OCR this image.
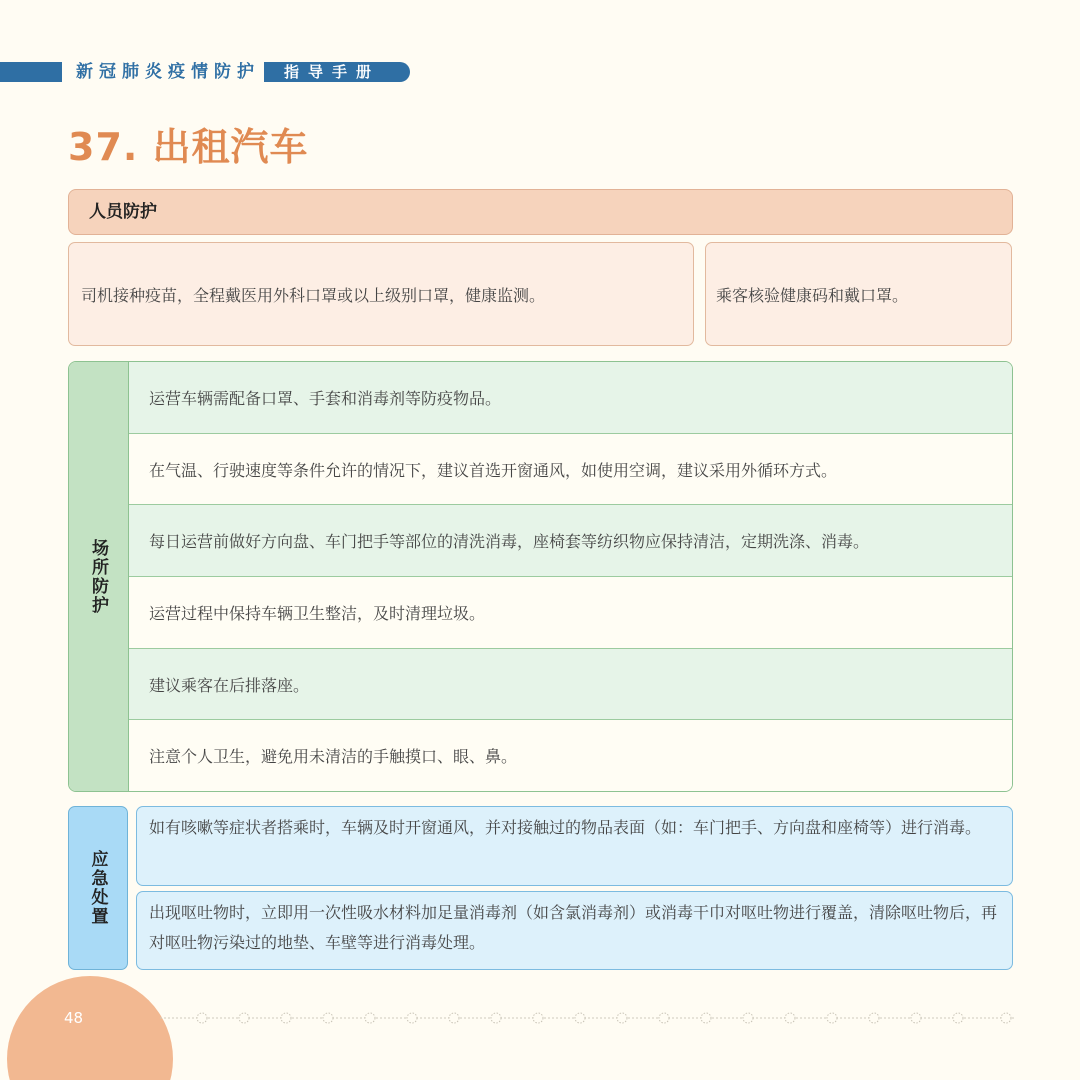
新冠肺炎疫情防护	指导手册
37. 出租汽车
人员防护
司机接种疫苗，全程戴医用外科口罩或以上级别口罩，健康监测。	乘客核验健康码和戴口罩。
场所防护
运营车辆需配备口罩、手套和消毒剂等防疫物品。
在气温、行驶速度等条件允许的情况下，建议首选开窗通风，如使用空调，建议采用外循环方式。
每日运营前做好方向盘、车门把手等部位的清洗消毒，座椅套等纺织物应保持清洁，定期洗涤、消毒。
运营过程中保持车辆卫生整洁，及时清理垃圾。
建议乘客在后排落座。
注意个人卫生，避免用未清洁的手触摸口、眼、鼻。
应急处置
如有咳嗽等症状者搭乘时，车辆及时开窗通风，并对接触过的物品表面（如：车门把手、方向盘和座椅等）进行消毒。
出现呕吐物时，立即用一次性吸水材料加足量消毒剂（如含氯消毒剂）或消毒干巾对呕吐物进行覆盖，清除呕吐物后，再对呕吐物污染过的地垫、车壁等进行消毒处理。
48
